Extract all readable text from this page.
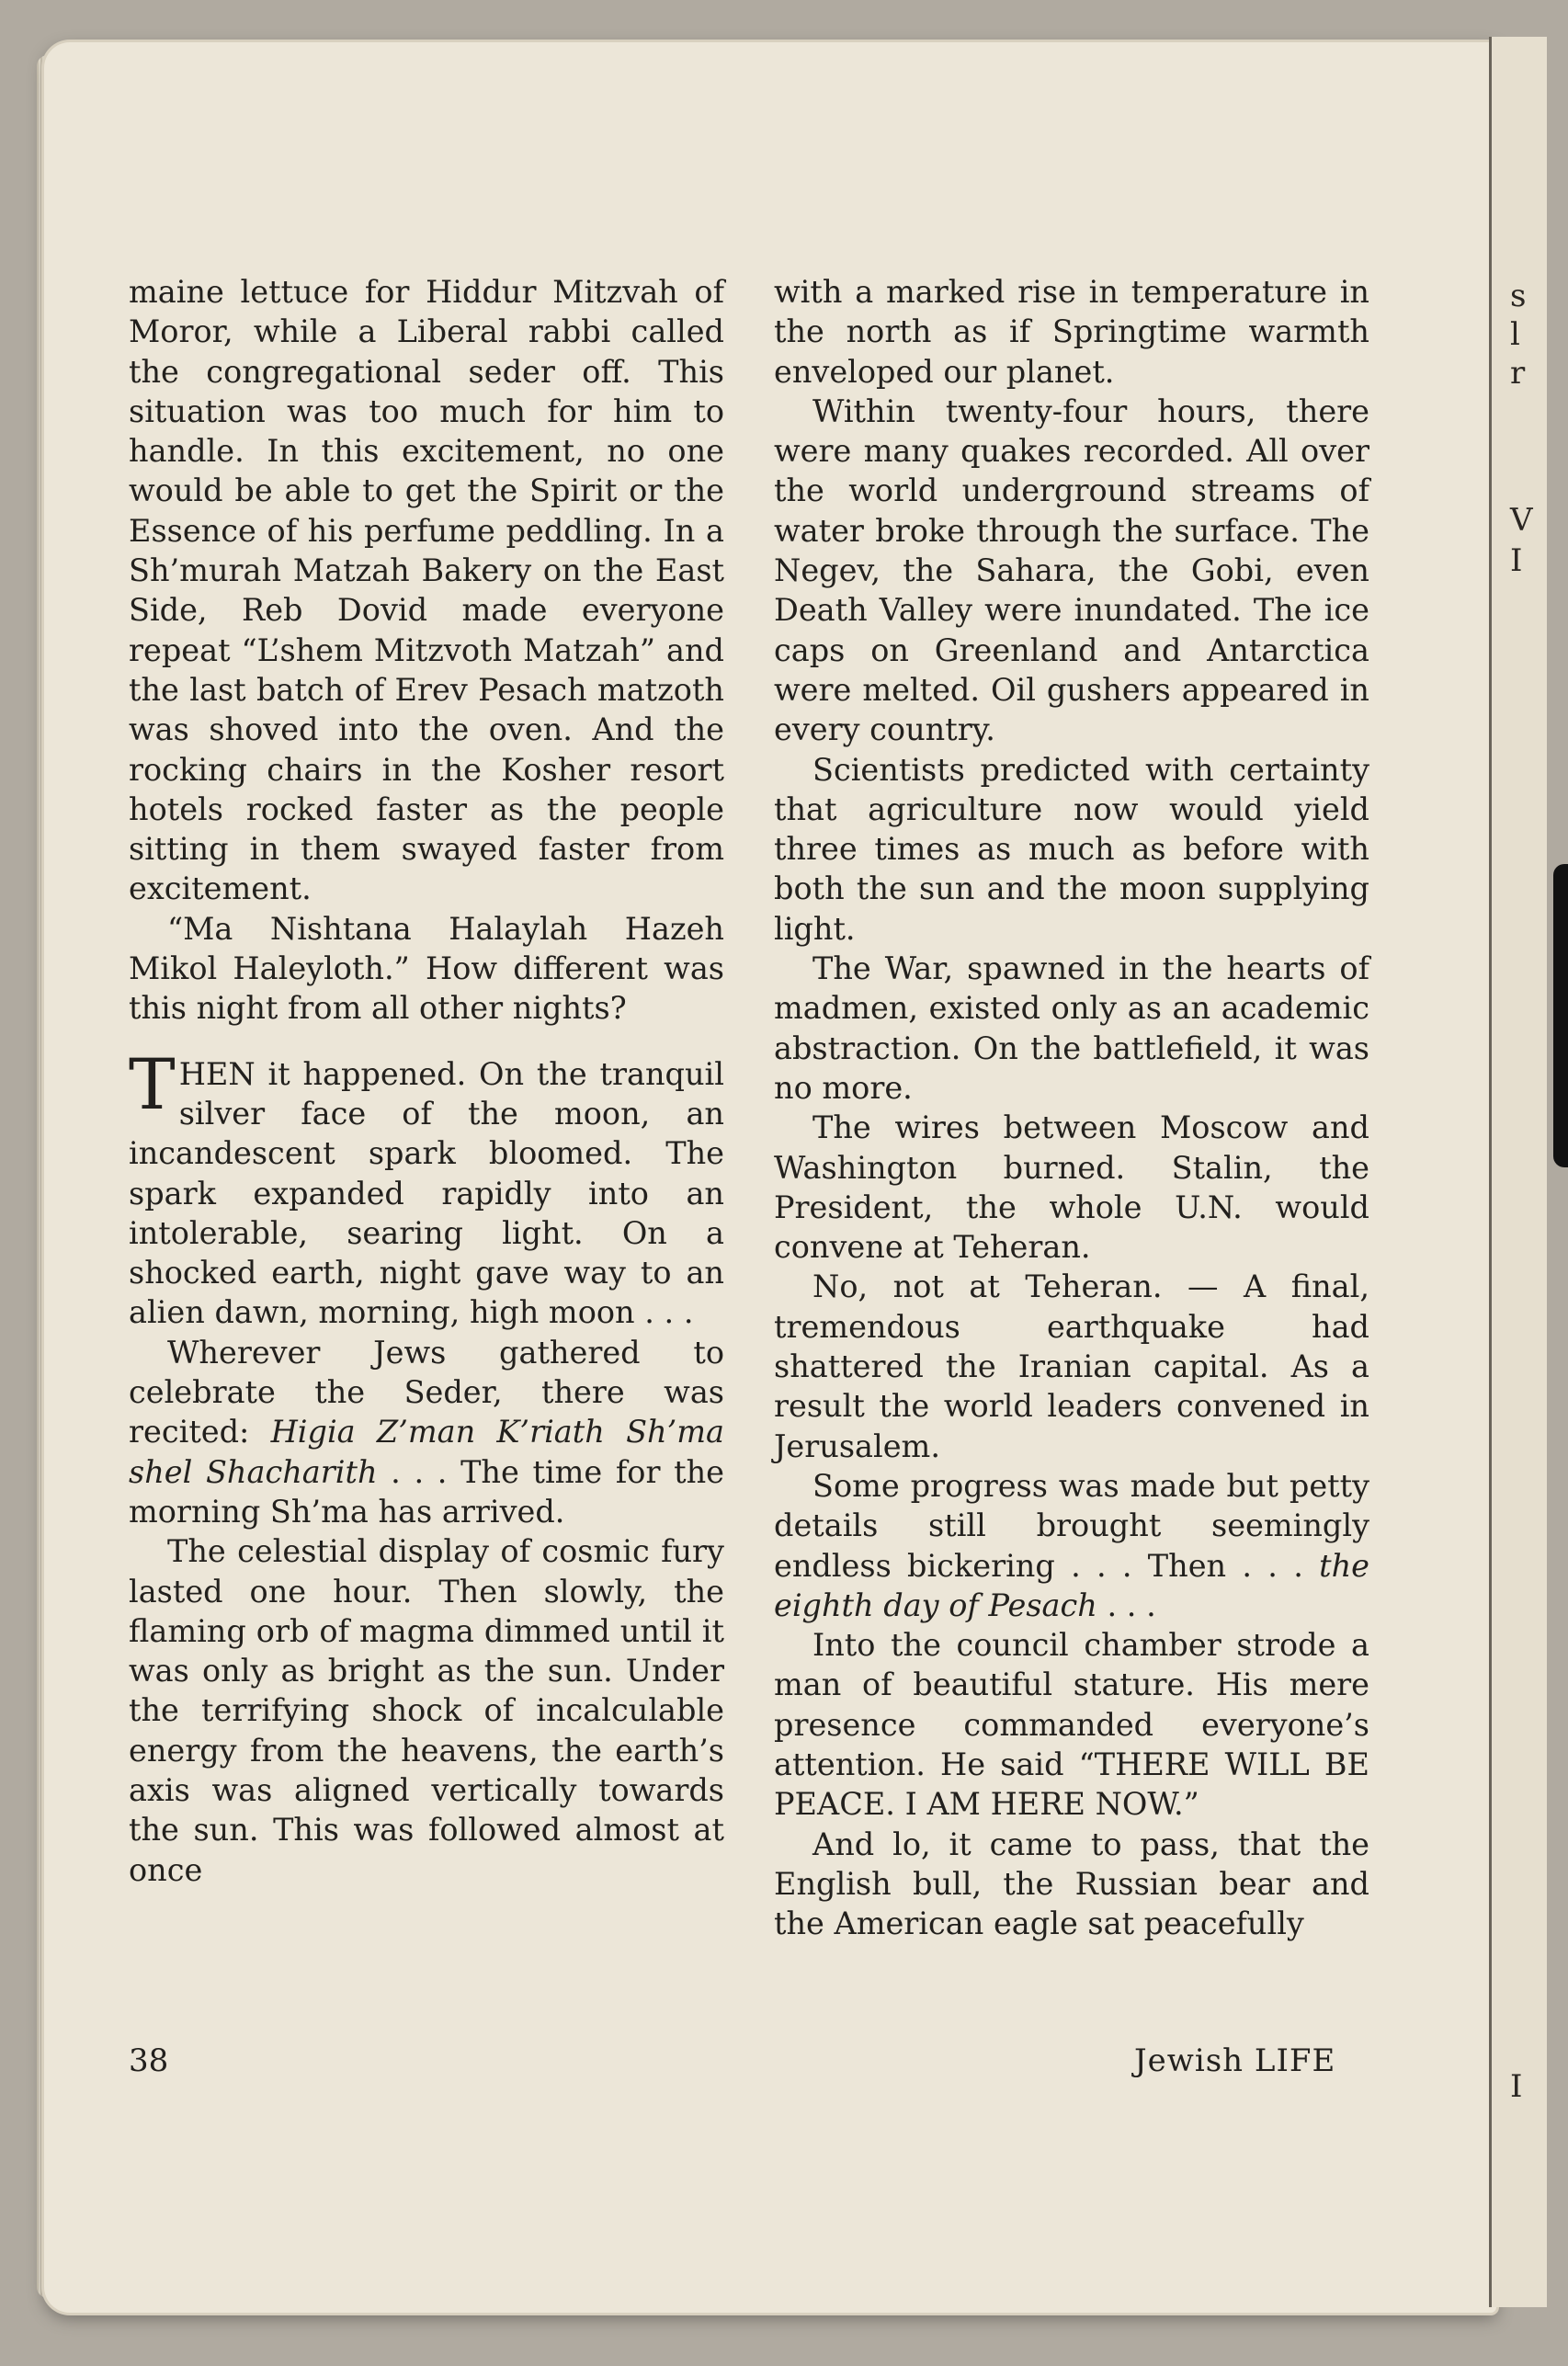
s
l
r
V
I
I

maine lettuce for Hiddur Mitzvah of Moror, while a Liberal rabbi called the congregational seder off. This situation was too much for him to handle. In this excitement, no one would be able to get the Spirit or the Essence of his perfume peddling. In a Sh’murah Matzah Bakery on the East Side, Reb Dovid made everyone repeat “L’shem Mitzvoth Matzah” and the last batch of Erev Pesach matzoth was shoved into the oven. And the rocking chairs in the Kosher resort hotels rocked faster as the people sitting in them swayed faster from excitement.

“Ma Nishtana Halaylah Hazeh Mikol Haleyloth.” How different was this night from all other nights?

THEN it happened. On the tranquil silver face of the moon, an incandescent spark bloomed. The spark expanded rapidly into an intolerable, searing light. On a shocked earth, night gave way to an alien dawn, morning, high moon . . .

Wherever Jews gathered to celebrate the Seder, there was recited: Higia Z’man K’riath Sh’ma shel Shacharith . . . The time for the morning Sh’ma has arrived.

The celestial display of cosmic fury lasted one hour. Then slowly, the flaming orb of magma dimmed until it was only as bright as the sun. Under the terrifying shock of incalculable energy from the heavens, the earth’s axis was aligned vertically towards the sun. This was followed almost at once

with a marked rise in temperature in the north as if Springtime warmth enveloped our planet.

Within twenty-four hours, there were many quakes recorded. All over the world underground streams of water broke through the surface. The Negev, the Sahara, the Gobi, even Death Valley were inundated. The ice caps on Greenland and Antarctica were melted. Oil gushers appeared in every country.

Scientists predicted with certainty that agriculture now would yield three times as much as before with both the sun and the moon supplying light.

The War, spawned in the hearts of madmen, existed only as an academic abstraction. On the battlefield, it was no more.

The wires between Moscow and Washington burned. Stalin, the President, the whole U.N. would convene at Teheran.

No, not at Teheran. — A final, tremendous earthquake had shattered the Iranian capital. As a result the world leaders convened in Jerusalem.

Some progress was made but petty details still brought seemingly endless bickering . . . Then . . . the eighth day of Pesach . . .

Into the council chamber strode a man of beautiful stature. His mere presence commanded everyone’s attention. He said “THERE WILL BE PEACE. I AM HERE NOW.”

And lo, it came to pass, that the English bull, the Russian bear and the American eagle sat peacefully

38	Jewish LIFE
